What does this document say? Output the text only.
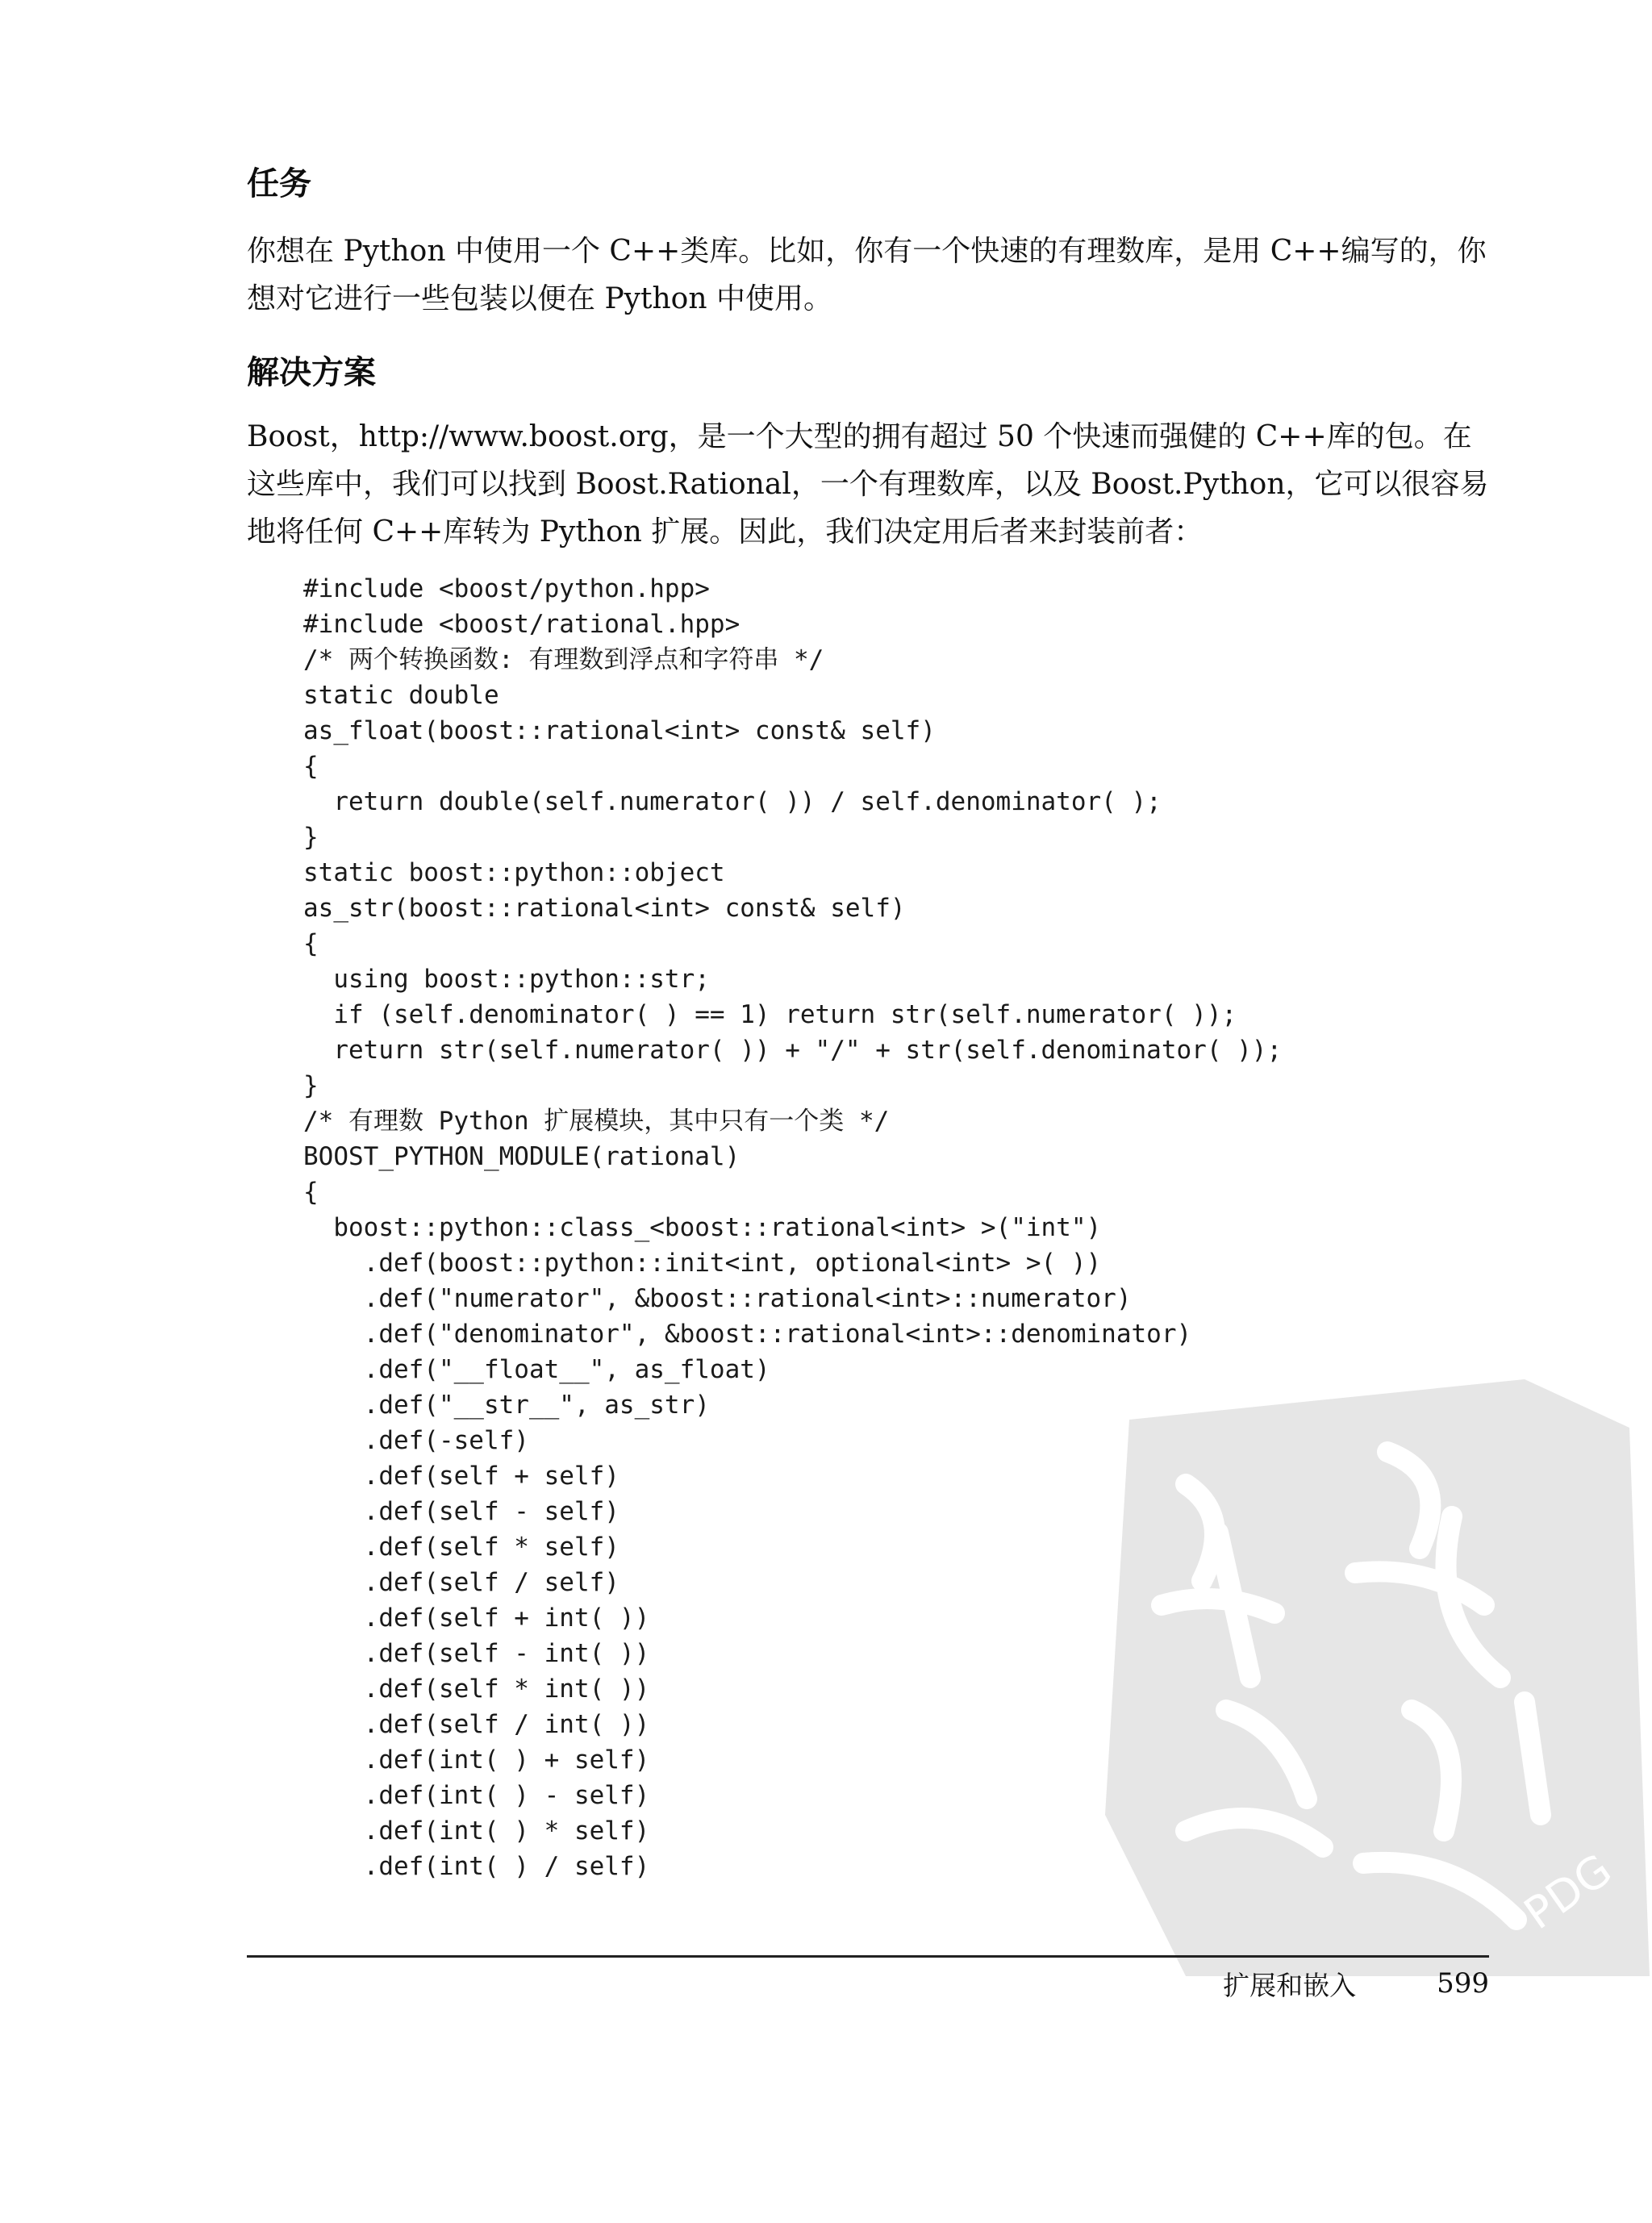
任务

你想在 Python 中使用一个 C++类库。比如，你有一个快速的有理数库，是用 C++编写的，你想对它进行一些包装以便在 Python 中使用。

解决方案

Boost，http://www.boost.org，是一个大型的拥有超过 50 个快速而强健的 C++库的包。在这些库中，我们可以找到 Boost.Rational，一个有理数库，以及 Boost.Python，它可以很容易地将任何 C++库转为 Python 扩展。因此，我们决定用后者来封装前者：

#include <boost/python.hpp>
#include <boost/rational.hpp>
/* 两个转换函数: 有理数到浮点和字符串 */
static double
as_float(boost::rational<int> const& self)
{
return double(self.numerator( )) / self.denominator( );
}
static boost::python::object
as_str(boost::rational<int> const& self)
{
using boost::python::str;
if (self.denominator( ) == 1) return str(self.numerator( ));
return str(self.numerator( )) + "/" + str(self.denominator( ));
}
/* 有理数 Python 扩展模块，其中只有一个类 */
BOOST_PYTHON_MODULE(rational)
{
boost::python::class_<boost::rational<int> >("int")
.def(boost::python::init<int, optional<int> >( ))
.def("numerator", &boost::rational<int>::numerator)
.def("denominator", &boost::rational<int>::denominator)
.def("__float__", as_float)
.def("__str__", as_str)
.def(-self)
.def(self + self)
.def(self - self)
.def(self * self)
.def(self / self)
.def(self + int( ))
.def(self - int( ))
.def(self * int( ))
.def(self / int( ))
.def(int( ) + self)
.def(int( ) - self)
.def(int( ) * self)
.def(int( ) / self)	PDG
扩展和嵌入	599
